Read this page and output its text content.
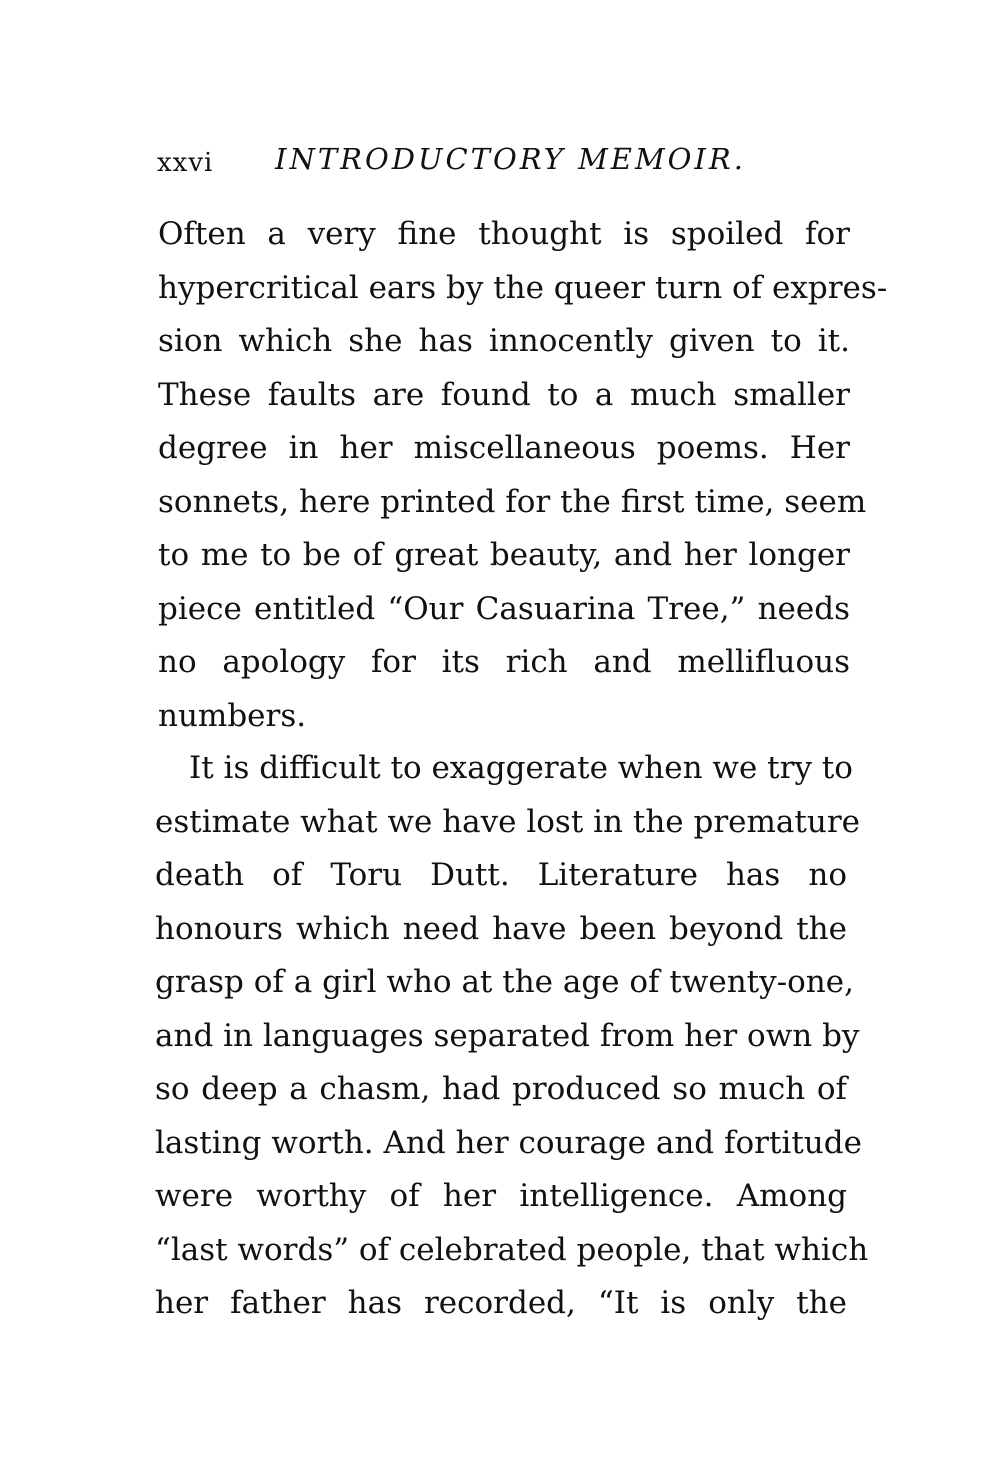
xxvi INTRODUCTORY MEMOIR.
Often a very fine thought is spoiled for
hypercritical ears by the queer turn of expres-
sion which she has innocently given to it.
These faults are found to a much smaller
degree in her miscellaneous poems. Her
sonnets, here printed for the first time, seem
to me to be of great beauty, and her longer
piece entitled “Our Casuarina Tree,” needs
no apology for its rich and mellifluous
numbers.
It is difficult to exaggerate when we try to
estimate what we have lost in the premature
death of Toru Dutt. Literature has no
honours which need have been beyond the
grasp of a girl who at the age of twenty-one,
and in languages separated from her own by
so deep a chasm, had produced so much of
lasting worth. And her courage and fortitude
were worthy of her intelligence. Among
“last words” of celebrated people, that which
her father has recorded, “It is only the
